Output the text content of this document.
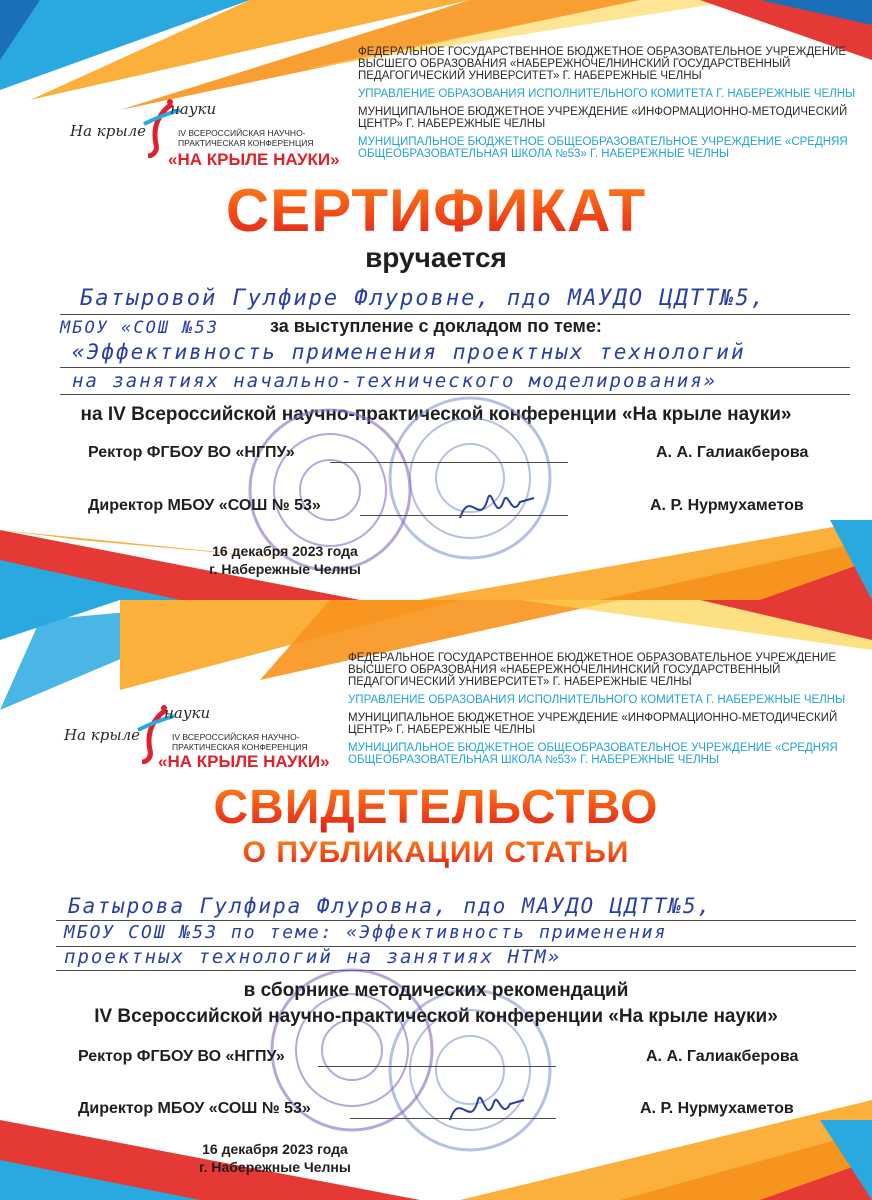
ФЕДЕРАЛЬНОЕ ГОСУДАРСТВЕННОЕ БЮДЖЕТНОЕ ОБРАЗОВАТЕЛЬНОЕ УЧРЕЖДЕНИЕ ВЫСШЕГО ОБРАЗОВАНИЯ «НАБЕРЕЖНОЧЕЛНИНСКИЙ ГОСУДАРСТВЕННЫЙ ПЕДАГОГИЧЕСКИЙ УНИВЕРСИТЕТ» Г. НАБЕРЕЖНЫЕ ЧЕЛНЫ

УПРАВЛЕНИЕ ОБРАЗОВАНИЯ ИСПОЛНИТЕЛЬНОГО КОМИТЕТА Г. НАБЕРЕЖНЫЕ ЧЕЛНЫ

МУНИЦИПАЛЬНОЕ БЮДЖЕТНОЕ УЧРЕЖДЕНИЕ «ИНФОРМАЦИОННО-МЕТОДИЧЕСКИЙ ЦЕНТР» Г. НАБЕРЕЖНЫЕ ЧЕЛНЫ

МУНИЦИПАЛЬНОЕ БЮДЖЕТНОЕ ОБЩЕОБРАЗОВАТЕЛЬНОЕ УЧРЕЖДЕНИЕ «СРЕДНЯЯ ОБЩЕОБРАЗОВАТЕЛЬНАЯ ШКОЛА №53» Г. НАБЕРЕЖНЫЕ ЧЕЛНЫ

На крыле
науки
IV ВСЕРОССИЙСКАЯ НАУЧНО-ПРАКТИЧЕСКАЯ КОНФЕРЕНЦИЯ
«НА КРЫЛЕ НАУКИ»
СЕРТИФИКАТ
вручается
Батыровой Гулфире Флуровне, пдо МАУДО ЦДТТ№5,
МБОУ «СОШ №53	за выступление с докладом по теме:
«Эффективность применения проектных технологий
на занятиях начально-технического моделирования»
на IV Всероссийской научно-практической конференции «На крыле науки»
Ректор ФГБОУ ВО «НГПУ»	А. А. Галиакберова
Директор МБОУ «СОШ № 53»	А. Р. Нурмухаметов
16 декабря 2023 года
г. Набережные Челны

ФЕДЕРАЛЬНОЕ ГОСУДАРСТВЕННОЕ БЮДЖЕТНОЕ ОБРАЗОВАТЕЛЬНОЕ УЧРЕЖДЕНИЕ ВЫСШЕГО ОБРАЗОВАНИЯ «НАБЕРЕЖНОЧЕЛНИНСКИЙ ГОСУДАРСТВЕННЫЙ ПЕДАГОГИЧЕСКИЙ УНИВЕРСИТЕТ» Г. НАБЕРЕЖНЫЕ ЧЕЛНЫ

УПРАВЛЕНИЕ ОБРАЗОВАНИЯ ИСПОЛНИТЕЛЬНОГО КОМИТЕТА Г. НАБЕРЕЖНЫЕ ЧЕЛНЫ

МУНИЦИПАЛЬНОЕ БЮДЖЕТНОЕ УЧРЕЖДЕНИЕ «ИНФОРМАЦИОННО-МЕТОДИЧЕСКИЙ ЦЕНТР» Г. НАБЕРЕЖНЫЕ ЧЕЛНЫ

МУНИЦИПАЛЬНОЕ БЮДЖЕТНОЕ ОБЩЕОБРАЗОВАТЕЛЬНОЕ УЧРЕЖДЕНИЕ «СРЕДНЯЯ ОБЩЕОБРАЗОВАТЕЛЬНАЯ ШКОЛА №53» Г. НАБЕРЕЖНЫЕ ЧЕЛНЫ

На крыле
науки
IV ВСЕРОССИЙСКАЯ НАУЧНО-ПРАКТИЧЕСКАЯ КОНФЕРЕНЦИЯ
«НА КРЫЛЕ НАУКИ»
СВИДЕТЕЛЬСТВО
О ПУБЛИКАЦИИ СТАТЬИ
Батырова Гулфира Флуровна, пдо МАУДО ЦДТТ№5,
МБОУ СОШ №53 по теме: «Эффективность применения
проектных технологий на занятиях НТМ»
в сборнике методических рекомендаций
IV Всероссийской научно-практической конференции «На крыле науки»
Ректор ФГБОУ ВО «НГПУ»	А. А. Галиакберова
Директор МБОУ «СОШ № 53»	А. Р. Нурмухаметов
16 декабря 2023 года
г. Набережные Челны
